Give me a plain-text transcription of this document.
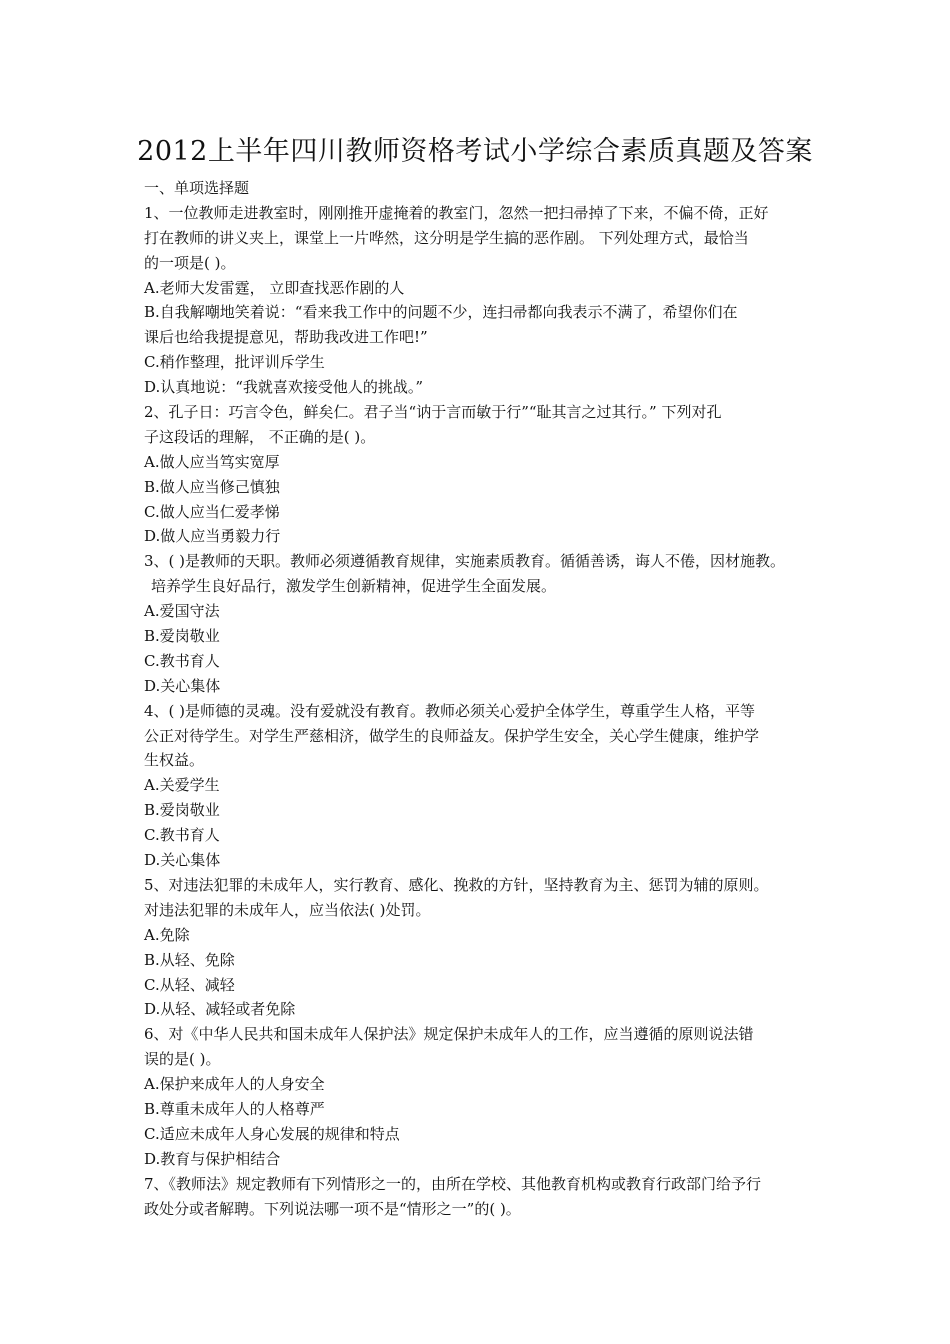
2012上半年四川教师资格考试小学综合素质真题及答案
一、单项选择题
1、一位教师走进教室时，刚刚推开虚掩着的教室门，忽然一把扫帚掉了下来，不偏不倚，正好
打在教师的讲义夹上，课堂上一片哗然，这分明是学生搞的恶作剧。 下列处理方式，最恰当
的一项是( )。
A.老师大发雷霆， 立即查找恶作剧的人
B.自我解嘲地笑着说：“看来我工作中的问题不少，连扫帚都向我表示不满了，希望你们在
课后也给我提提意见，帮助我改进工作吧!”
C.稍作整理，批评训斥学生
D.认真地说：“我就喜欢接受他人的挑战。”
2、孔子日：巧言令色，鲜矣仁。君子当“讷于言而敏于行”“耻其言之过其行。” 下列对孔
子这段话的理解， 不正确的是( )。
A.做人应当笃实宽厚
B.做人应当修己慎独
C.做人应当仁爱孝悌
D.做人应当勇毅力行
3、( )是教师的天职。教师必须遵循教育规律，实施素质教育。循循善诱，诲人不倦，因材施教。
培养学生良好品行，激发学生创新精神，促进学生全面发展。
A.爱国守法
B.爱岗敬业
C.教书育人
D.关心集体
4、( )是师德的灵魂。没有爱就没有教育。教师必须关心爱护全体学生，尊重学生人格，平等
公正对待学生。对学生严慈相济，做学生的良师益友。保护学生安全，关心学生健康，维护学
生权益。
A.关爱学生
B.爱岗敬业
C.教书育人
D.关心集体
5、对违法犯罪的未成年人，实行教育、感化、挽救的方针，坚持教育为主、惩罚为辅的原则。
对违法犯罪的未成年人，应当依法( )处罚。
A.免除
B.从轻、免除
C.从轻、减轻
D.从轻、减轻或者免除
6、对《中华人民共和国未成年人保护法》规定保护未成年人的工作，应当遵循的原则说法错
误的是( )。
A.保护来成年人的人身安全
B.尊重未成年人的人格尊严
C.适应未成年人身心发展的规律和特点
D.教育与保护相结合
7、《教师法》规定教师有下列情形之一的，由所在学校、其他教育机构或教育行政部门给予行
政处分或者解聘。下列说法哪一项不是“情形之一”的( )。
